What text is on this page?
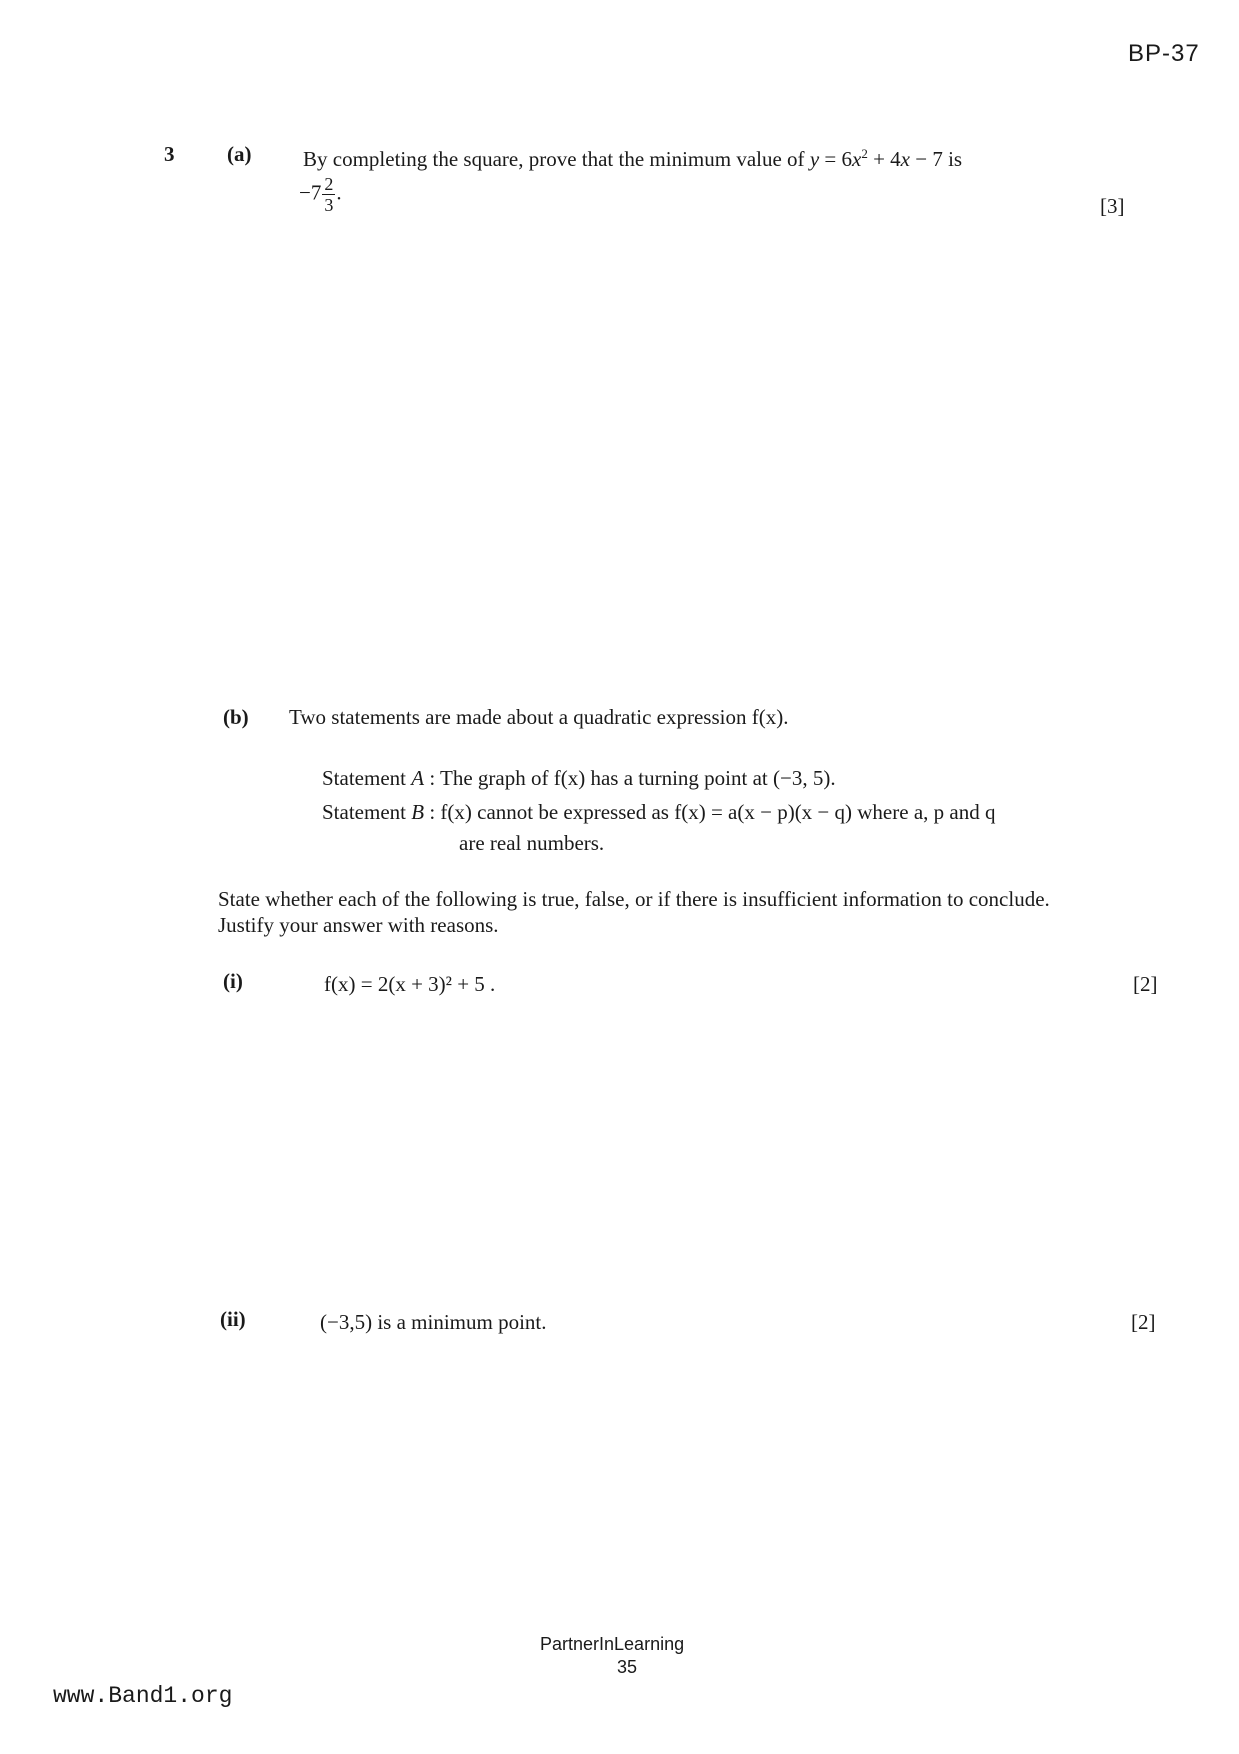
BP-37
3	(a) By completing the square, prove that the minimum value of $y = 6x^2 + 4x - 7$ is
$-7 \frac{2}{3}$ .
[3]
(b) Two statements are made about a quadratic expression f(x).
Statement A : The graph of f(x) has a turning point at (−3, 5).
Statement B : f(x) cannot be expressed as f(x) = a(x − p)(x − q) where a, p and q
are real numbers.
State whether each of the following is true, false, or if there is insufficient information to conclude.
Justify your answer with reasons.
(i)	f(x) = 2(x + 3)² + 5 .	[2]
(ii)	(−3,5) is a minimum point.	[2]
PartnerInLearning
35
www.Band1.org
